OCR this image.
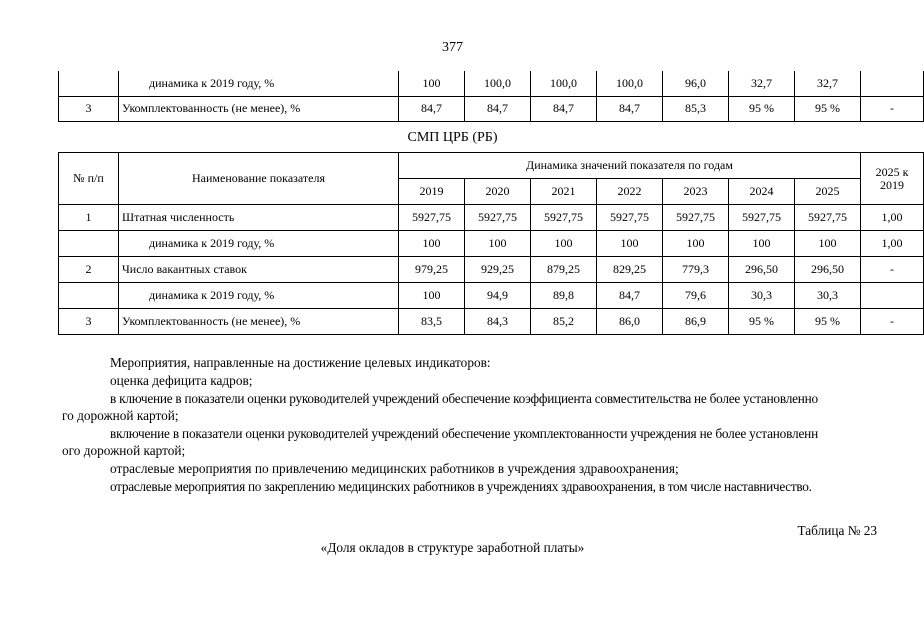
377
	динамика к 2019 году, %	100	100,0	100,0	100,0	96,0	32,7	32,7	
3	Укомплектованность (не менее), %	84,7	84,7	84,7	84,7	85,3	95 %	95 %	-
СМП ЦРБ (РБ)
№ п/п	Наименование показателя	Динамика значений показателя по годам							2025 к 2019
		2019	2020	2021	2022	2023	2024	2025	
1	Штатная численность	5927,75	5927,75	5927,75	5927,75	5927,75	5927,75	5927,75	1,00
	динамика к 2019 году, %	100	100	100	100	100	100	100	1,00
2	Число вакантных ставок	979,25	929,25	879,25	829,25	779,3	296,50	296,50	-
	динамика к 2019 году, %	100	94,9	89,8	84,7	79,6	30,3	30,3	
3	Укомплектованность (не менее), %	83,5	84,3	85,2	86,0	86,9	95 %	95 %	-
Мероприятия, направленные на достижение целевых индикаторов:
оценка дефицита кадров;
в ключение в показатели оценки руководителей учреждений обеспечение коэффициента совместительства не более установленно
го дорожной картой;
включение в показатели оценки руководителей учреждений обеспечение укомплектованности учреждения не более установленн
ого дорожной картой;
отраслевые мероприятия по привлечению медицинских работников в учреждения здравоохранения;
отраслевые мероприятия по закреплению медицинских работников в учреждениях здравоохранения, в том числе наставничество.
Таблица № 23
«Доля окладов в структуре заработной платы»
